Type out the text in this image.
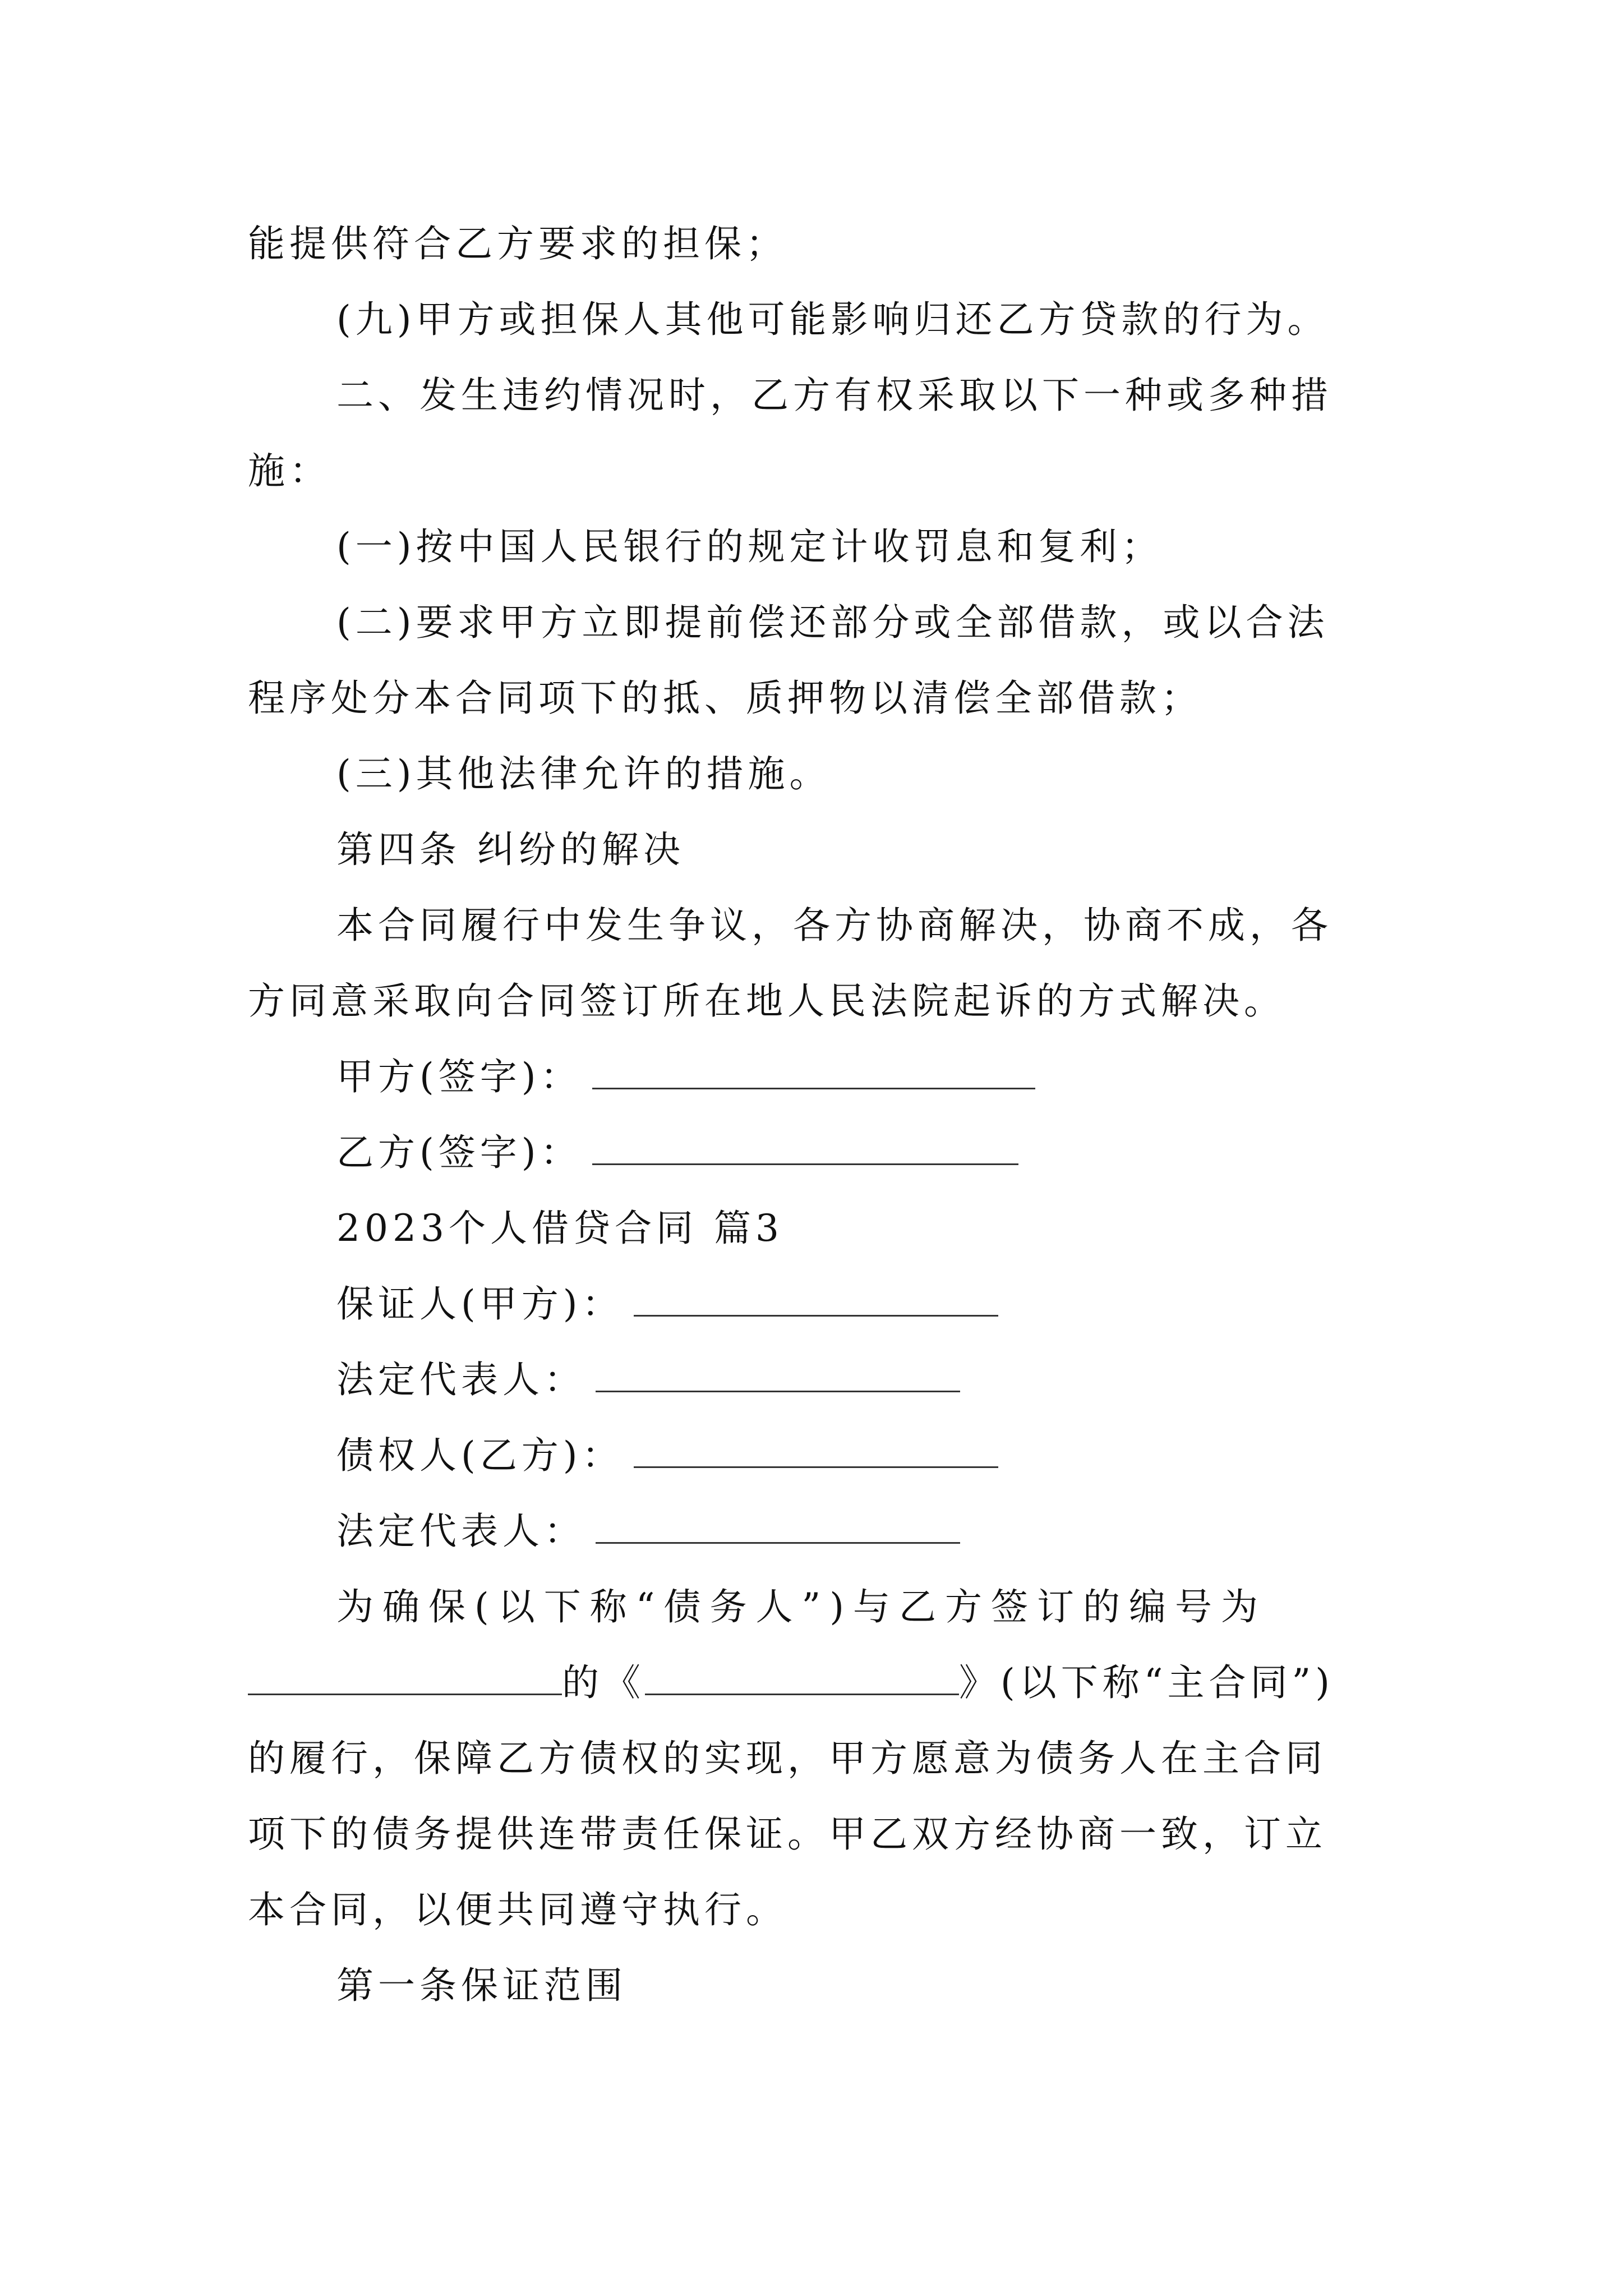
能提供符合乙方要求的担保；
(九)甲方或担保人其他可能影响归还乙方贷款的行为。
二、发生违约情况时，乙方有权采取以下一种或多种措
施：
(一)按中国人民银行的规定计收罚息和复利；
(二)要求甲方立即提前偿还部分或全部借款，或以合法
程序处分本合同项下的抵、质押物以清偿全部借款；
(三)其他法律允许的措施。
第四条 纠纷的解决
本合同履行中发生争议，各方协商解决，协商不成，各
方同意采取向合同签订所在地人民法院起诉的方式解决。
甲方(签字)：
乙方(签字)：
2023个人借贷合同 篇3
保证人(甲方)：
法定代表人：
债权人(乙方)：
法定代表人：
为确保(以下称“债务人”)与乙方签订的编号为
的《	》(以下称“主合同”)
的履行，保障乙方债权的实现，甲方愿意为债务人在主合同
项下的债务提供连带责任保证。甲乙双方经协商一致，订立
本合同，以便共同遵守执行。
第一条保证范围
